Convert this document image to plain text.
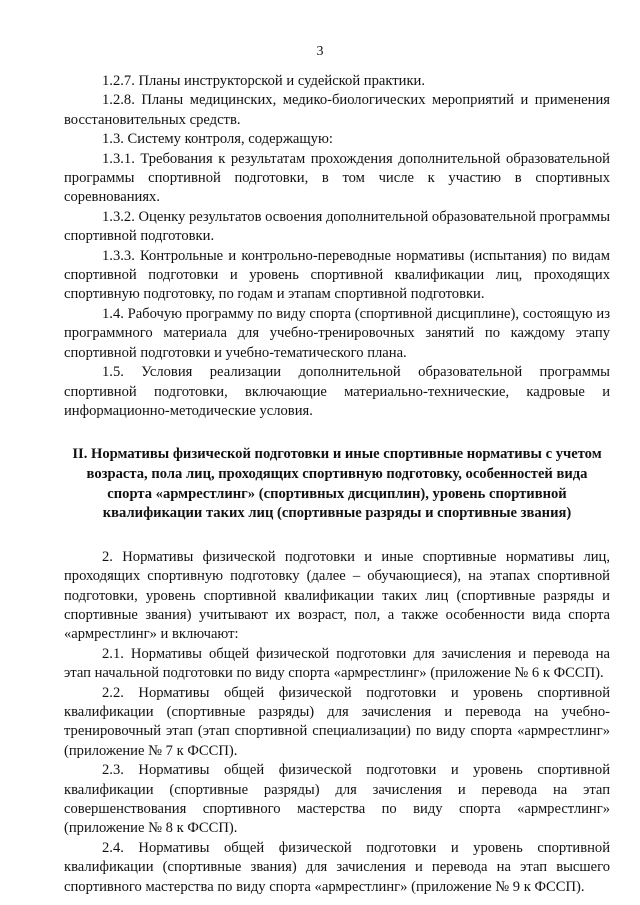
3

1.2.7. Планы инструкторской и судейской практики.

1.2.8. Планы медицинских, медико-биологических мероприятий и применения восстановительных средств.

1.3. Систему контроля, содержащую:

1.3.1. Требования к результатам прохождения дополнительной образовательной программы спортивной подготовки, в том числе к участию в спортивных соревнованиях.

1.3.2. Оценку результатов освоения дополнительной образовательной программы спортивной подготовки.

1.3.3. Контрольные и контрольно-переводные нормативы (испытания) по видам спортивной подготовки и уровень спортивной квалификации лиц, проходящих спортивную подготовку, по годам и этапам спортивной подготовки.

1.4. Рабочую программу по виду спорта (спортивной дисциплине), состоящую из программного материала для учебно-тренировочных занятий по каждому этапу спортивной подготовки и учебно-тематического плана.

1.5. Условия реализации дополнительной образовательной программы спортивной подготовки, включающие материально-технические, кадровые и информационно-методические условия.

II. Нормативы физической подготовки и иные спортивные нормативы с учетом возраста, пола лиц, проходящих спортивную подготовку, особенностей вида спорта «армрестлинг» (спортивных дисциплин), уровень спортивной квалификации таких лиц (спортивные разряды и спортивные звания)

2. Нормативы физической подготовки и иные спортивные нормативы лиц, проходящих спортивную подготовку (далее – обучающиеся), на этапах спортивной подготовки, уровень спортивной квалификации таких лиц (спортивные разряды и спортивные звания) учитывают их возраст, пол, а также особенности вида спорта «армрестлинг» и включают:

2.1. Нормативы общей физической подготовки для зачисления и перевода на этап начальной подготовки по виду спорта «армрестлинг» (приложение № 6 к ФССП).

2.2. Нормативы общей физической подготовки и уровень спортивной квалификации (спортивные разряды) для зачисления и перевода на учебно-тренировочный этап (этап спортивной специализации) по виду спорта «армрестлинг» (приложение № 7 к ФССП).

2.3. Нормативы общей физической подготовки и уровень спортивной квалификации (спортивные разряды) для зачисления и перевода на этап совершенствования спортивного мастерства по виду спорта «армрестлинг» (приложение № 8 к ФССП).

2.4. Нормативы общей физической подготовки и уровень спортивной квалификации (спортивные звания) для зачисления и перевода на этап высшего спортивного мастерства по виду спорта «армрестлинг» (приложение № 9 к ФССП).
